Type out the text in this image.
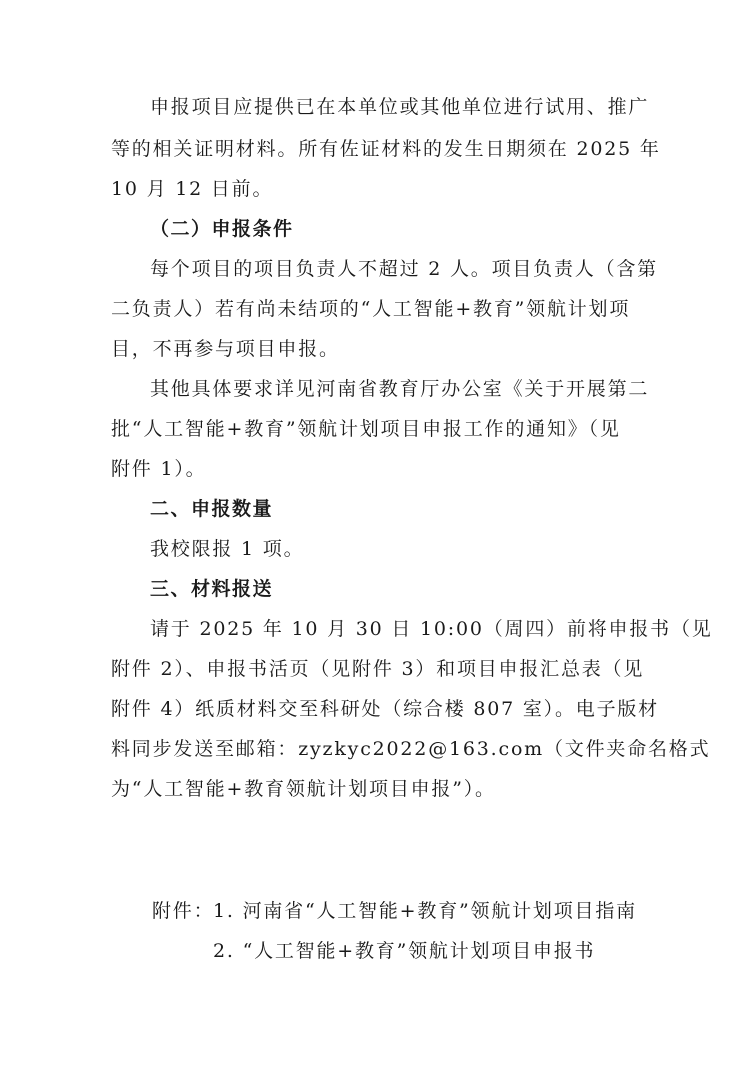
申报项目应提供已在本单位或其他单位进行试用、推广
等的相关证明材料。所有佐证材料的发生日期须在 2025 年
10 月 12 日前。
（二）申报条件
每个项目的项目负责人不超过 2 人。项目负责人（含第
二负责人）若有尚未结项的“人工智能+教育”领航计划项
目，不再参与项目申报。
其他具体要求详见河南省教育厅办公室《关于开展第二
批“人工智能+教育”领航计划项目申报工作的通知》（见
附件 1）。
二、申报数量
我校限报 1 项。
三、材料报送
请于 2025 年 10 月 30 日 10:00（周四）前将申报书（见
附件 2）、申报书活页（见附件 3）和项目申报汇总表（见
附件 4）纸质材料交至科研处（综合楼 807 室）。电子版材
料同步发送至邮箱：zyzkyc2022@163.com（文件夹命名格式
为“人工智能+教育领航计划项目申报”）。
附件：
1. 河南省“人工智能+教育”领航计划项目指南
2. “人工智能+教育”领航计划项目申报书
